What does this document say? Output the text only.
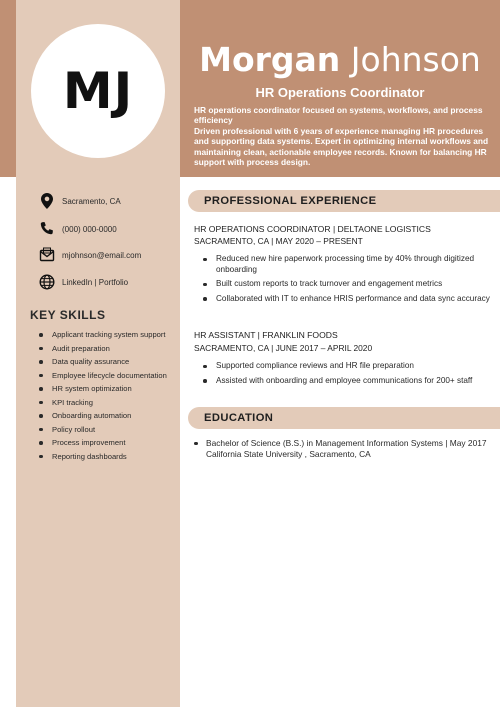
MJ
Morgan Johnson
HR Operations Coordinator

HR operations coordinator focused on systems, workflows, and process efficiency

Driven professional with 6 years of experience managing HR procedures and supporting data systems. Expert in optimizing internal workflows and maintaining clean, actionable employee records. Known for balancing HR support with process design.

Sacramento, CA
(000) 000-0000
mjohnson@email.com
LinkedIn | Portfolio
KEY SKILLS
Applicant tracking system support
Audit preparation
Data quality assurance
Employee lifecycle documentation
HR system optimization
KPI tracking
Onboarding automation
Policy rollout
Process improvement
Reporting dashboards
PROFESSIONAL EXPERIENCE
HR OPERATIONS COORDINATOR | DELTAONE LOGISTICS
SACRAMENTO, CA | MAY 2020 – PRESENT
Reduced new hire paperwork processing time by 40% through digitized onboarding
Built custom reports to track turnover and engagement metrics
Collaborated with IT to enhance HRIS performance and data sync accuracy
HR ASSISTANT | FRANKLIN FOODS
SACRAMENTO, CA | JUNE 2017 – APRIL 2020
Supported compliance reviews and HR file preparation
Assisted with onboarding and employee communications for 200+ staff
EDUCATION
Bachelor of Science (B.S.) in Management Information Systems | May 2017
California State University , Sacramento, CA
